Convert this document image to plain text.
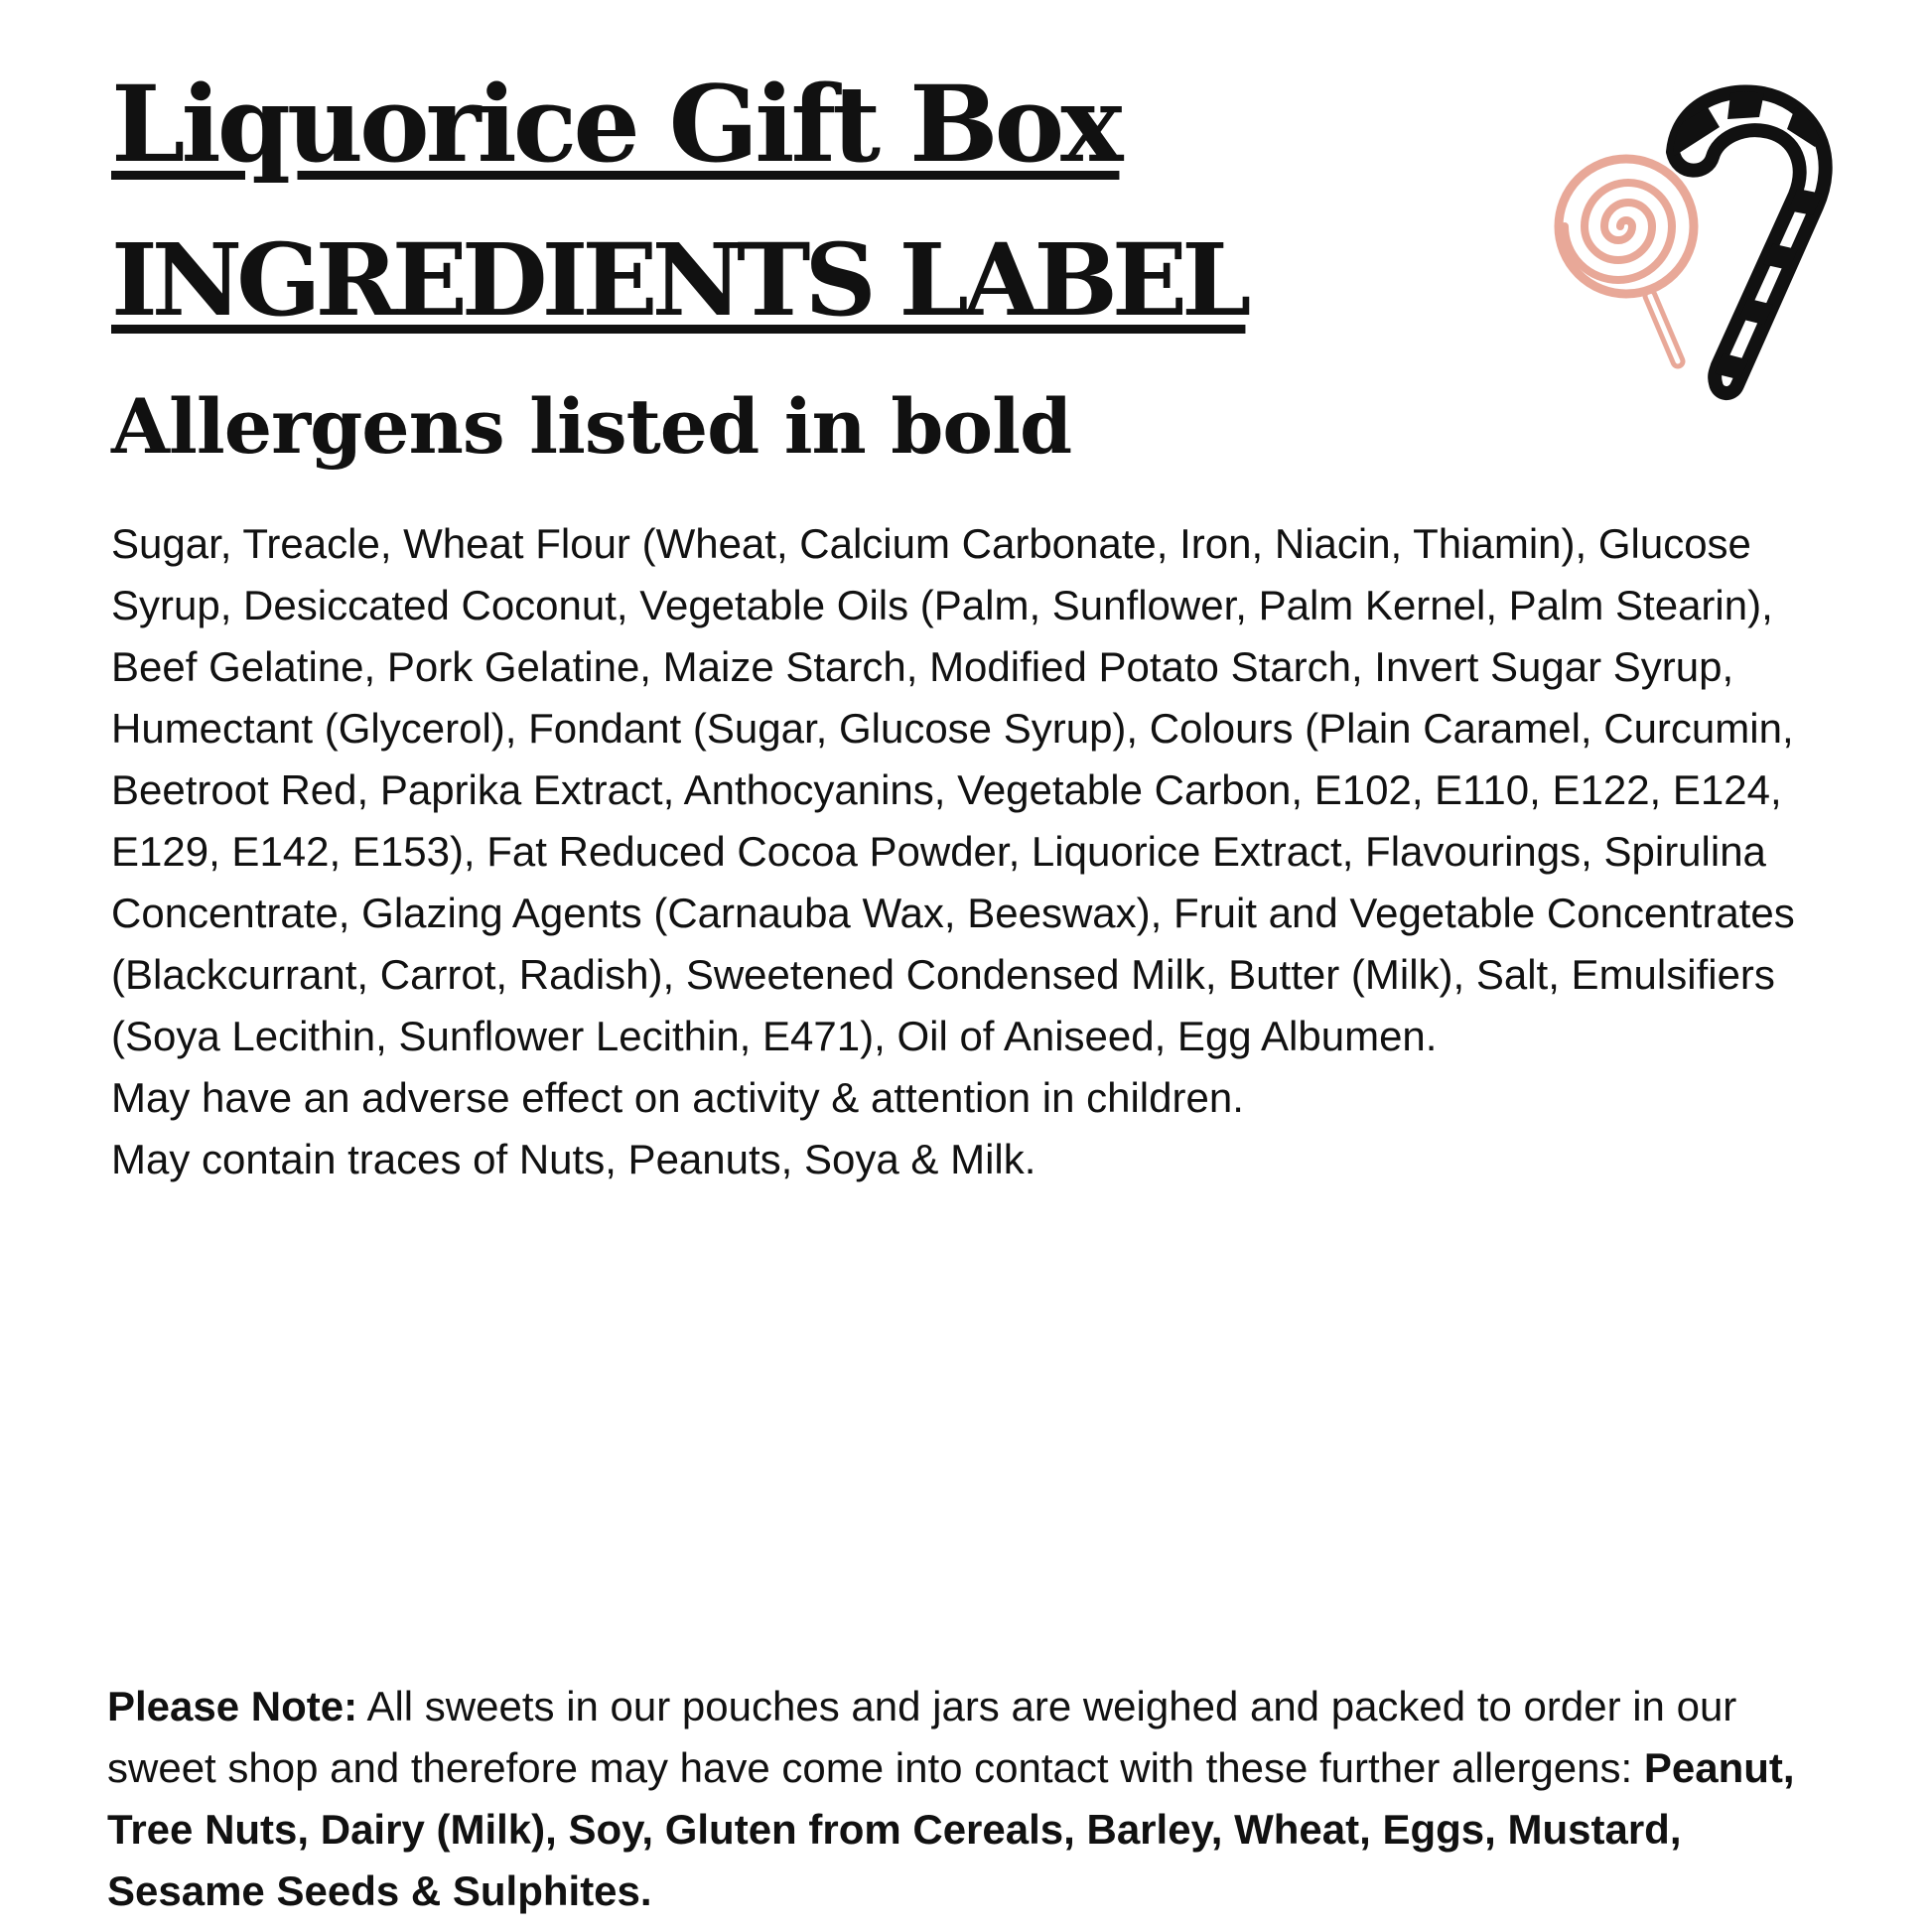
Liquorice Gift Box
INGREDIENTS LABEL
Allergens listed in bold

Sugar, Treacle, Wheat Flour (Wheat, Calcium Carbonate, Iron, Niacin, Thiamin), Glucose Syrup, Desiccated Coconut, Vegetable Oils (Palm, Sunflower, Palm Kernel, Palm Stearin), Beef Gelatine, Pork Gelatine, Maize Starch, Modified Potato Starch, Invert Sugar Syrup, Humectant (Glycerol), Fondant (Sugar, Glucose Syrup), Colours (Plain Caramel, Curcumin, Beetroot Red, Paprika Extract, Anthocyanins, Vegetable Carbon, E102, E110, E122, E124, E129, E142, E153), Fat Reduced Cocoa Powder, Liquorice Extract, Flavourings, Spirulina Concentrate, Glazing Agents (Carnauba Wax, Beeswax), Fruit and Vegetable Concentrates (Blackcurrant, Carrot, Radish), Sweetened Condensed Milk, Butter (Milk), Salt, Emulsifiers (Soya Lecithin, Sunflower Lecithin, E471), Oil of Aniseed, Egg Albumen.

May have an adverse effect on activity & attention in children.

May contain traces of Nuts, Peanuts, Soya & Milk.

Please Note: All sweets in our pouches and jars are weighed and packed to order in our sweet shop and therefore may have come into contact with these further allergens: Peanut, Tree Nuts, Dairy (Milk), Soy, Gluten from Cereals, Barley, Wheat, Eggs, Mustard, Sesame Seeds & Sulphites.
